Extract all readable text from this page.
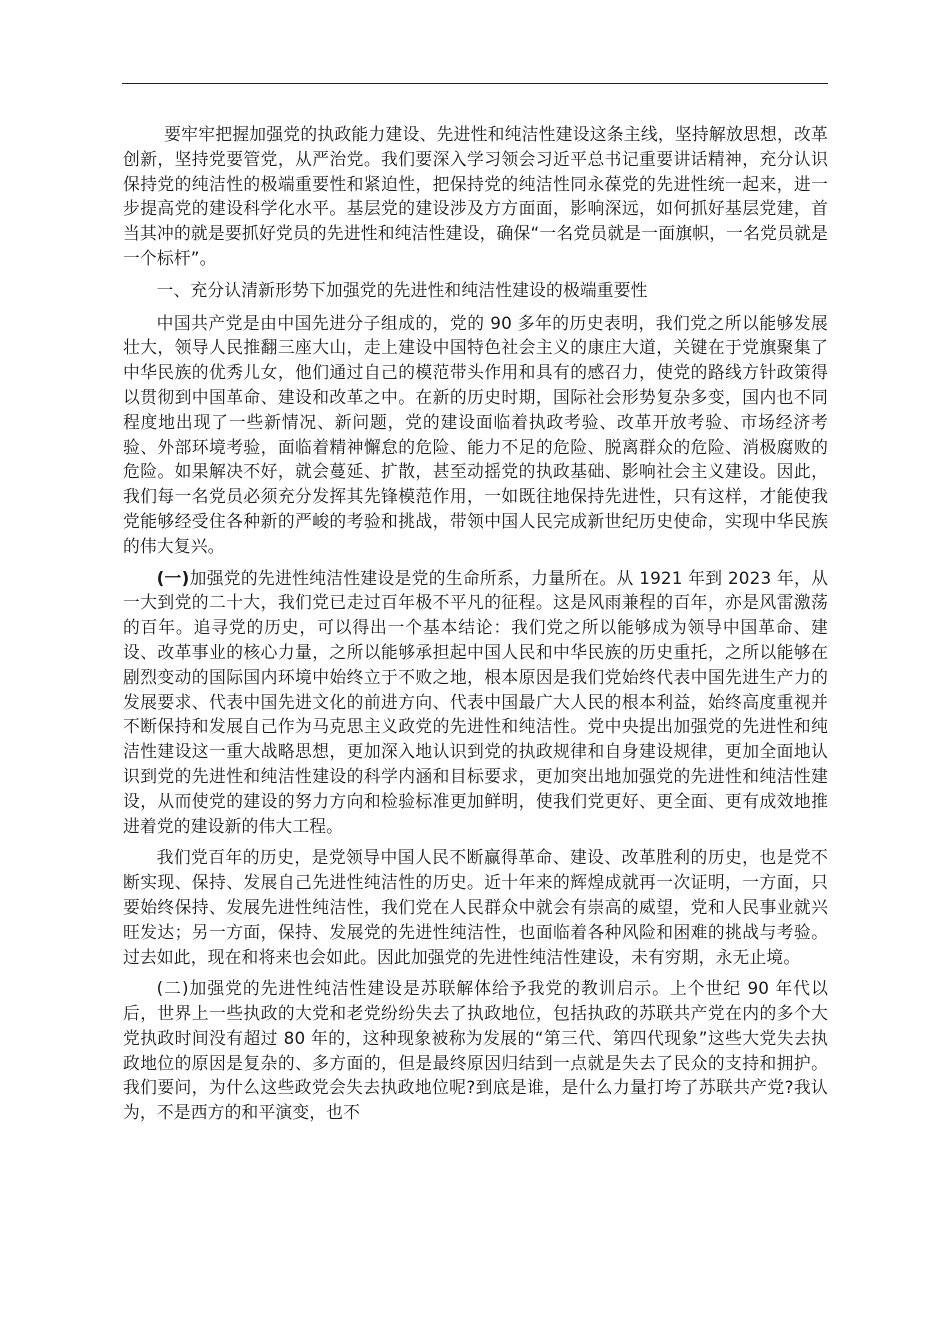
要牢牢把握加强党的执政能力建设、先进性和纯洁性建设这条主线，坚持解放思想，改革创新，坚持党要管党，从严治党。我们要深入学习领会习近平总书记重要讲话精神，充分认识保持党的纯洁性的极端重要性和紧迫性，把保持党的纯洁性同永葆党的先进性统一起来，进一步提高党的建设科学化水平。基层党的建设涉及方方面面，影响深远，如何抓好基层党建，首当其冲的就是要抓好党员的先进性和纯洁性建设，确保“一名党员就是一面旗帜，一名党员就是一个标杆”。

一、充分认清新形势下加强党的先进性和纯洁性建设的极端重要性

中国共产党是由中国先进分子组成的，党的 90 多年的历史表明，我们党之所以能够发展壮大，领导人民推翻三座大山，走上建设中国特色社会主义的康庄大道，关键在于党旗聚集了中华民族的优秀儿女，他们通过自己的模范带头作用和具有的感召力，使党的路线方针政策得以贯彻到中国革命、建设和改革之中。在新的历史时期，国际社会形势复杂多变，国内也不同程度地出现了一些新情况、新问题，党的建设面临着执政考验、改革开放考验、市场经济考验、外部环境考验，面临着精神懈怠的危险、能力不足的危险、脱离群众的危险、消极腐败的危险。如果解决不好，就会蔓延、扩散，甚至动摇党的执政基础、影响社会主义建设。因此，我们每一名党员必须充分发挥其先锋模范作用，一如既往地保持先进性，只有这样，才能使我党能够经受住各种新的严峻的考验和挑战，带领中国人民完成新世纪历史使命，实现中华民族的伟大复兴。

(一)加强党的先进性纯洁性建设是党的生命所系，力量所在。从 1921 年到 2023 年，从一大到党的二十大，我们党已走过百年极不平凡的征程。这是风雨兼程的百年，亦是风雷激荡的百年。追寻党的历史，可以得出一个基本结论：我们党之所以能够成为领导中国革命、建设、改革事业的核心力量，之所以能够承担起中国人民和中华民族的历史重托，之所以能够在剧烈变动的国际国内环境中始终立于不败之地，根本原因是我们党始终代表中国先进生产力的发展要求、代表中国先进文化的前进方向、代表中国最广大人民的根本利益，始终高度重视并不断保持和发展自己作为马克思主义政党的先进性和纯洁性。党中央提出加强党的先进性和纯洁性建设这一重大战略思想，更加深入地认识到党的执政规律和自身建设规律，更加全面地认识到党的先进性和纯洁性建设的科学内涵和目标要求，更加突出地加强党的先进性和纯洁性建设，从而使党的建设的努力方向和检验标准更加鲜明，使我们党更好、更全面、更有成效地推进着党的建设新的伟大工程。

我们党百年的历史，是党领导中国人民不断赢得革命、建设、改革胜利的历史，也是党不断实现、保持、发展自己先进性纯洁性的历史。近十年来的辉煌成就再一次证明，一方面，只要始终保持、发展先进性纯洁性，我们党在人民群众中就会有崇高的威望，党和人民事业就兴旺发达；另一方面，保持、发展党的先进性纯洁性，也面临着各种风险和困难的挑战与考验。过去如此，现在和将来也会如此。因此加强党的先进性纯洁性建设，未有穷期，永无止境。

(二)加强党的先进性纯洁性建设是苏联解体给予我党的教训启示。上个世纪 90 年代以后，世界上一些执政的大党和老党纷纷失去了执政地位，包括执政的苏联共产党在内的多个大党执政时间没有超过 80 年的，这种现象被称为发展的“第三代、第四代现象”这些大党失去执政地位的原因是复杂的、多方面的，但是最终原因归结到一点就是失去了民众的支持和拥护。我们要问，为什么这些政党会失去执政地位呢?到底是谁，是什么力量打垮了苏联共产党?我认为，不是西方的和平演变，也不
